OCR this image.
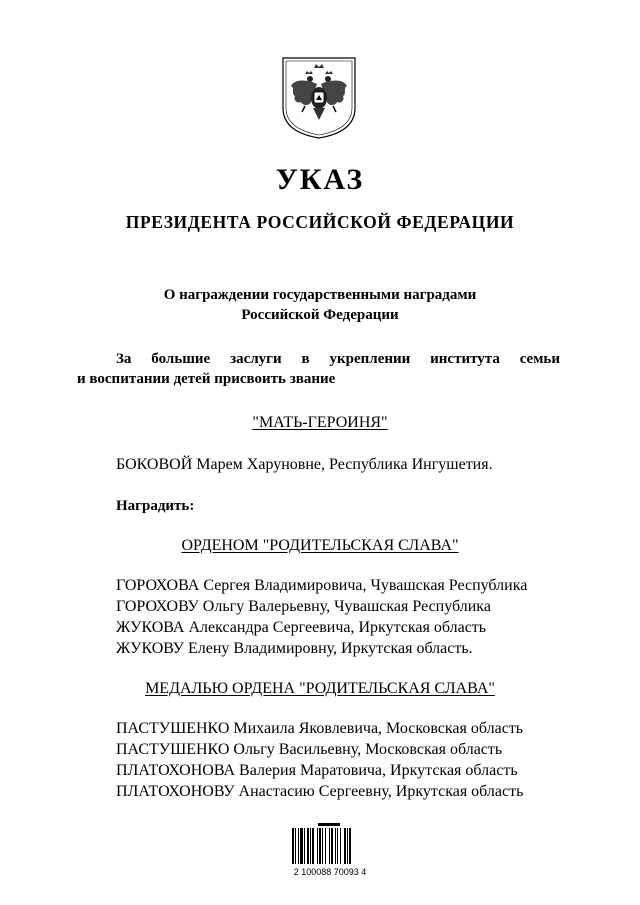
УКАЗ
ПРЕЗИДЕНТА РОССИЙСКОЙ ФЕДЕРАЦИИ
О награждении государственными наградами
Российской Федерации
За большие заслуги в укреплении института семьи
и воспитании детей присвоить звание
"МАТЬ-ГЕРОИНЯ"
БОКОВОЙ Марем Харуновне, Республика Ингушетия.
Наградить:
ОРДЕНОМ "РОДИТЕЛЬСКАЯ СЛАВА"
ГОРОХОВА Сергея Владимировича, Чувашская Республика
ГОРОХОВУ Ольгу Валерьевну, Чувашская Республика
ЖУКОВА Александра Сергеевича, Иркутская область
ЖУКОВУ Елену Владимировну, Иркутская область.
МЕДАЛЬЮ ОРДЕНА "РОДИТЕЛЬСКАЯ СЛАВА"
ПАСТУШЕНКО Михаила Яковлевича, Московская область
ПАСТУШЕНКО Ольгу Васильевну, Московская область
ПЛАТОХОНОВА Валерия Маратовича, Иркутская область
ПЛАТОХОНОВУ Анастасию Сергеевну, Иркутская область
2 100088 70093 4
